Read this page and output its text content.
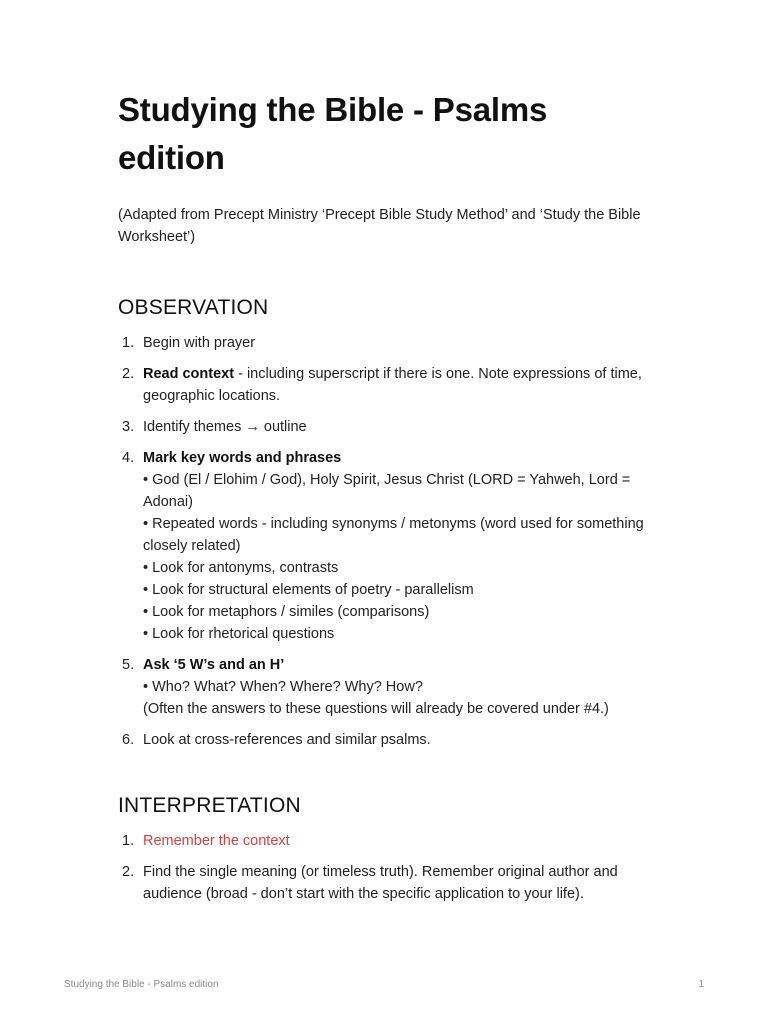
Studying the Bible - Psalms edition

(Adapted from Precept Ministry ‘Precept Bible Study Method’ and ‘Study the Bible Worksheet’)

OBSERVATION
1. Begin with prayer
2. Read context - including superscript if there is one. Note expressions of time, geographic locations.
3. Identify themes → outline
4. Mark key words and phrases
• God (El / Elohim / God), Holy Spirit, Jesus Christ (LORD = Yahweh, Lord = Adonai)
• Repeated words - including synonyms / metonyms (word used for something closely related)
• Look for antonyms, contrasts
• Look for structural elements of poetry - parallelism
• Look for metaphors / similes (comparisons)
• Look for rhetorical questions
5. Ask ‘5 W’s and an H’
• Who? What? When? Where? Why? How?
(Often the answers to these questions will already be covered under #4.)
6. Look at cross-references and similar psalms.
INTERPRETATION
1. Remember the context
2. Find the single meaning (or timeless truth). Remember original author and audience (broad - don’t start with the specific application to your life).
Studying the Bible - Psalms edition	1
